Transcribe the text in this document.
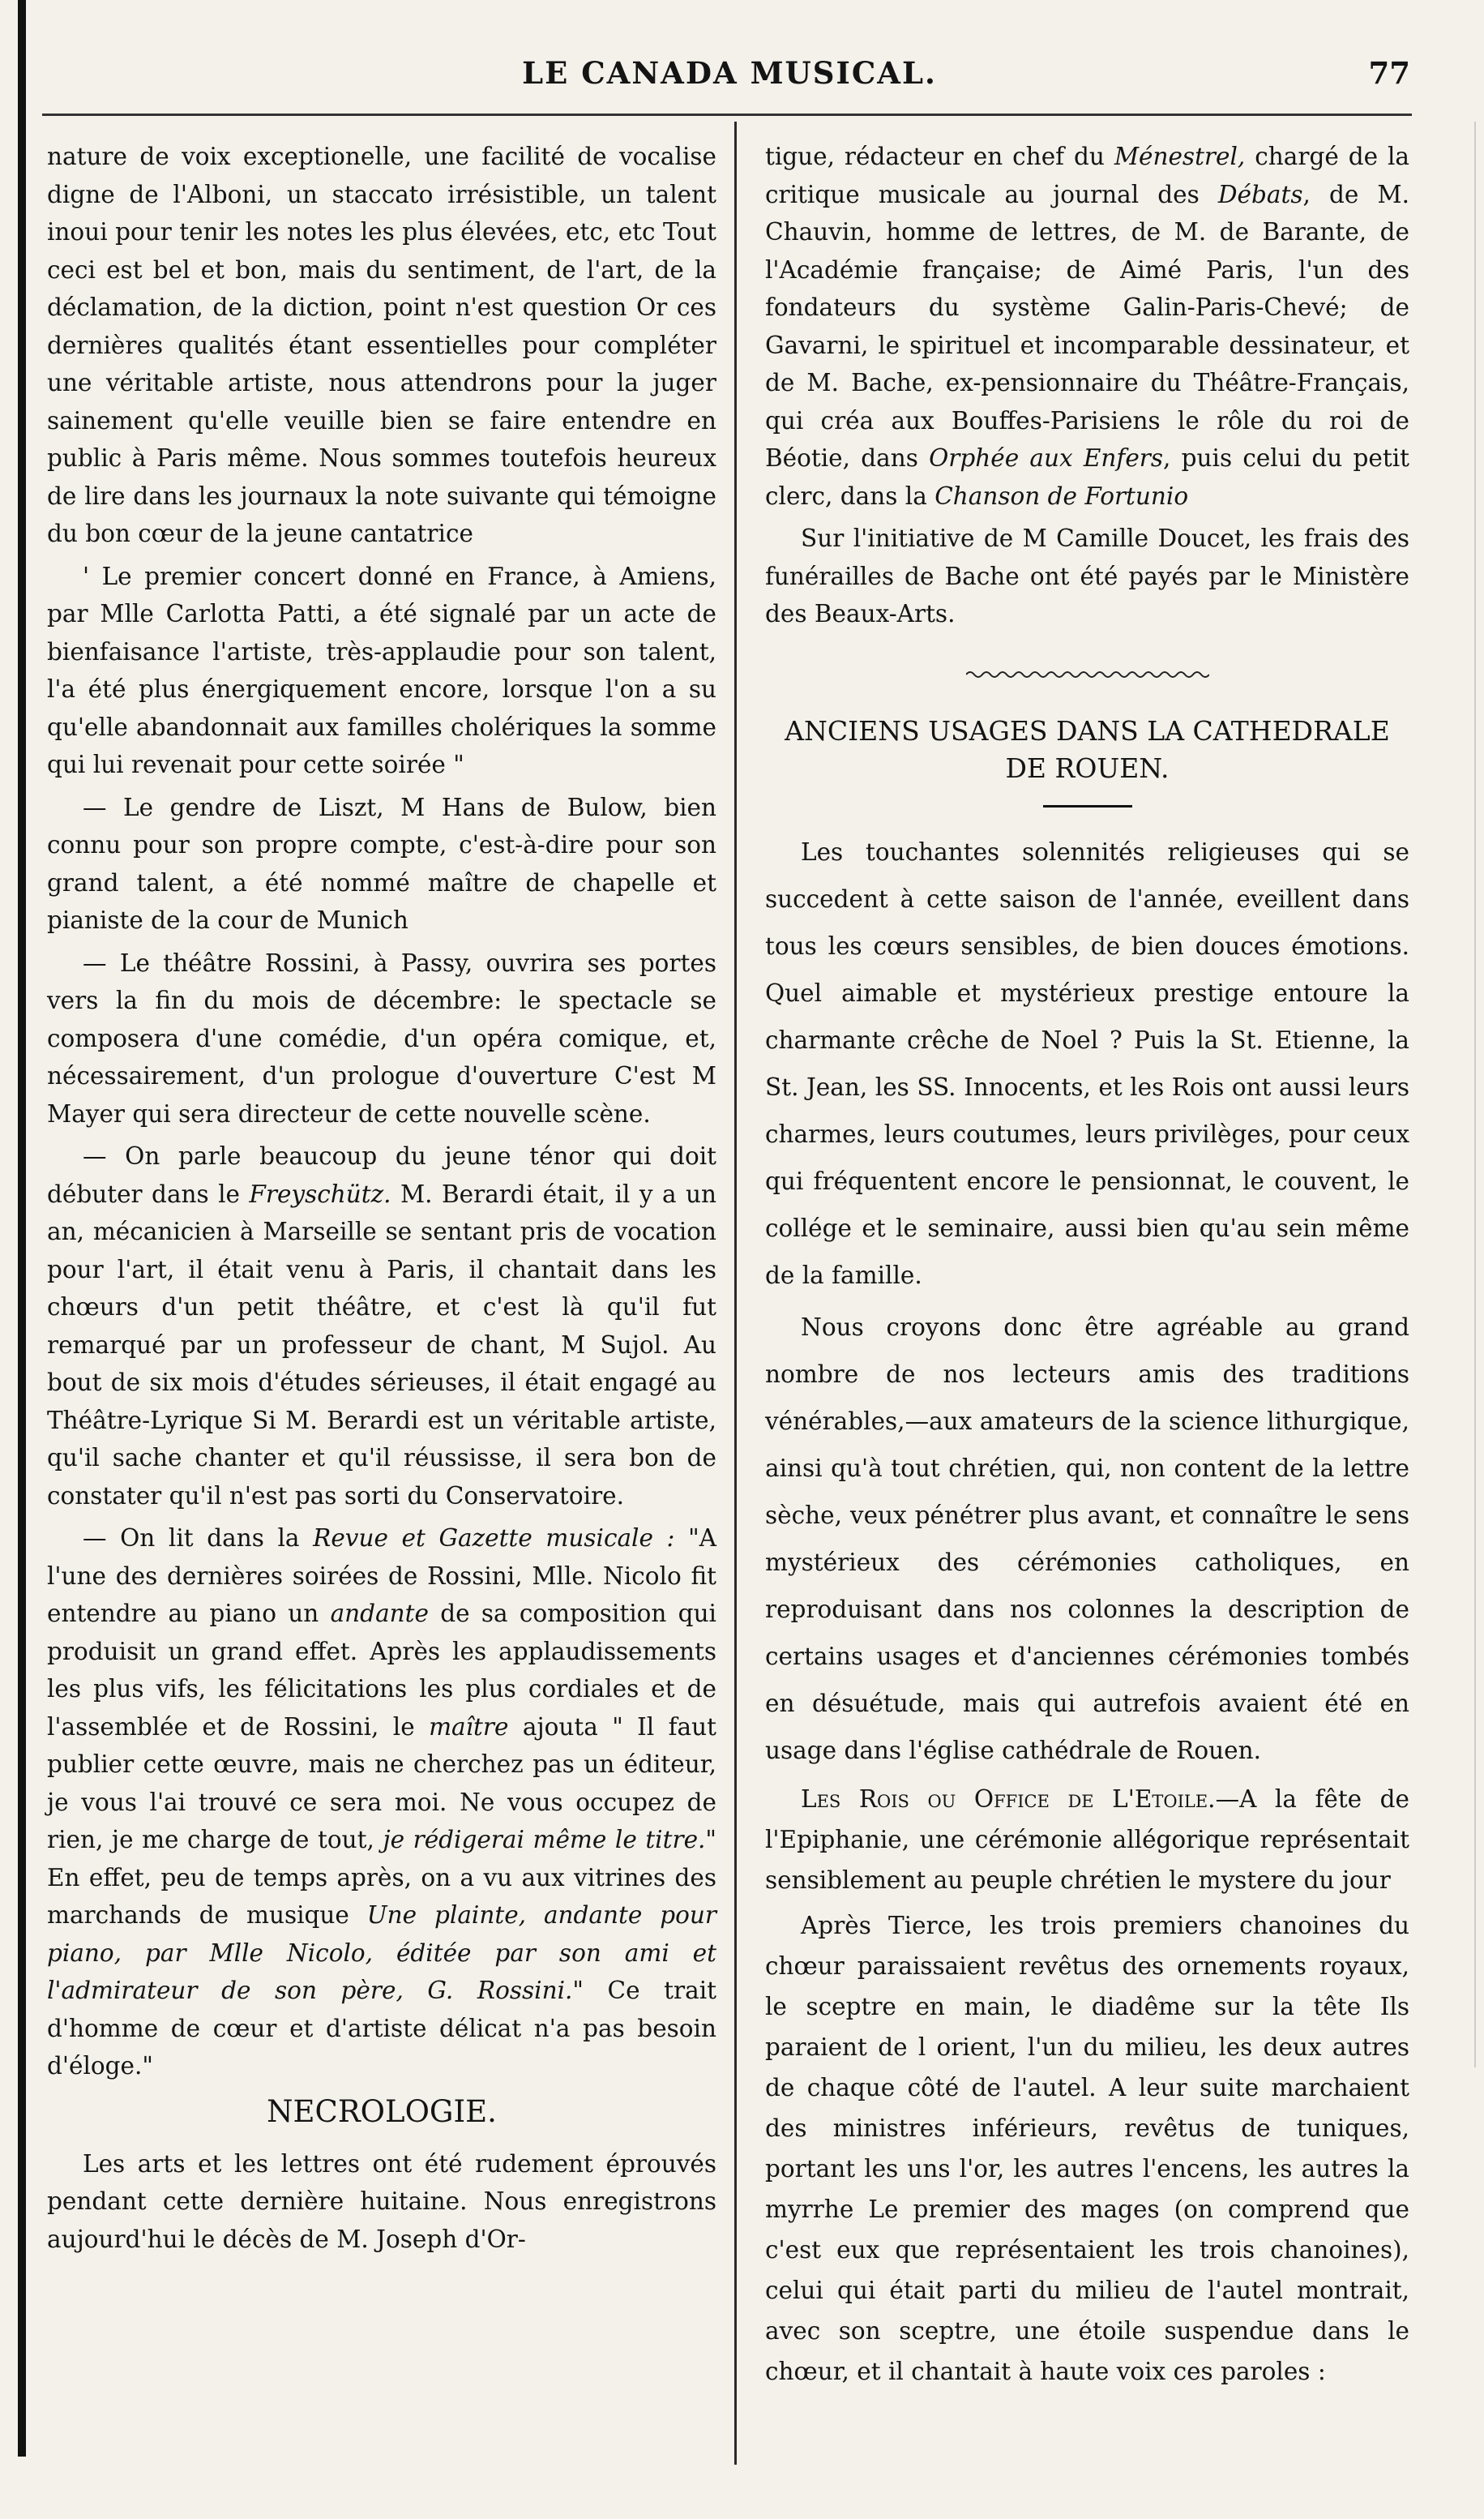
LE CANADA MUSICAL.	77

nature de voix exceptionelle, une facilité de vocalise digne de l'Alboni, un staccato irrésistible, un talent inoui pour tenir les notes les plus élevées, etc, etc Tout ceci est bel et bon, mais du sentiment, de l'art, de la déclamation, de la diction, point n'est question Or ces dernières qualités étant essentielles pour compléter une véritable artiste, nous attendrons pour la juger sainement qu'elle veuille bien se faire entendre en public à Paris même. Nous sommes toutefois heureux de lire dans les journaux la note suivante qui témoigne du bon cœur de la jeune cantatrice

' Le premier concert donné en France, à Amiens, par Mlle Carlotta Patti, a été signalé par un acte de bienfaisance l'artiste, très-applaudie pour son talent, l'a été plus énergiquement encore, lorsque l'on a su qu'elle abandonnait aux familles cholériques la somme qui lui revenait pour cette soirée "

— Le gendre de Liszt, M Hans de Bulow, bien connu pour son propre compte, c'est-à-dire pour son grand talent, a été nommé maître de chapelle et pianiste de la cour de Munich

— Le théâtre Rossini, à Passy, ouvrira ses portes vers la fin du mois de décembre: le spectacle se composera d'une comédie, d'un opéra comique, et, nécessairement, d'un prologue d'ouverture C'est M Mayer qui sera directeur de cette nouvelle scène.

— On parle beaucoup du jeune ténor qui doit débuter dans le Freyschütz. M. Berardi était, il y a un an, mécanicien à Marseille se sentant pris de vocation pour l'art, il était venu à Paris, il chantait dans les chœurs d'un petit théâtre, et c'est là qu'il fut remarqué par un professeur de chant, M Sujol. Au bout de six mois d'études sérieuses, il était engagé au Théâtre-Lyrique Si M. Berardi est un véritable artiste, qu'il sache chanter et qu'il réussisse, il sera bon de constater qu'il n'est pas sorti du Conservatoire.

— On lit dans la Revue et Gazette musicale : "A l'une des dernières soirées de Rossini, Mlle. Nicolo fit entendre au piano un andante de sa composition qui produisit un grand effet. Après les applaudissements les plus vifs, les félicitations les plus cordiales et de l'assemblée et de Rossini, le maître ajouta " Il faut publier cette œuvre, mais ne cherchez pas un éditeur, je vous l'ai trouvé ce sera moi. Ne vous occupez de rien, je me charge de tout, je rédigerai même le titre." En effet, peu de temps après, on a vu aux vitrines des marchands de musique Une plainte, andante pour piano, par Mlle Nicolo, éditée par son ami et l'admirateur de son père, G. Rossini." Ce trait d'homme de cœur et d'artiste délicat n'a pas besoin d'éloge."

NECROLOGIE.

Les arts et les lettres ont été rudement éprouvés pendant cette dernière huitaine. Nous enregistrons aujourd'hui le décès de M. Joseph d'Or-

tigue, rédacteur en chef du Ménestrel, chargé de la critique musicale au journal des Débats, de M. Chauvin, homme de lettres, de M. de Barante, de l'Académie française; de Aimé Paris, l'un des fondateurs du système Galin-Paris-Chevé; de Gavarni, le spirituel et incomparable dessinateur, et de M. Bache, ex-pensionnaire du Théâtre-Français, qui créa aux Bouffes-Parisiens le rôle du roi de Béotie, dans Orphée aux Enfers, puis celui du petit clerc, dans la Chanson de Fortunio

Sur l'initiative de M Camille Doucet, les frais des funérailles de Bache ont été payés par le Ministère des Beaux-Arts.

ANCIENS USAGES DANS LA CATHEDRALE
DE ROUEN.

Les touchantes solennités religieuses qui se succedent à cette saison de l'année, eveillent dans tous les cœurs sensibles, de bien douces émotions. Quel aimable et mystérieux prestige entoure la charmante crêche de Noel ? Puis la St. Etienne, la St. Jean, les SS. Innocents, et les Rois ont aussi leurs charmes, leurs coutumes, leurs privilèges, pour ceux qui fréquentent encore le pensionnat, le couvent, le collége et le seminaire, aussi bien qu'au sein même de la famille.

Nous croyons donc être agréable au grand nombre de nos lecteurs amis des traditions vénérables,—aux amateurs de la science lithurgique, ainsi qu'à tout chrétien, qui, non content de la lettre sèche, veux pénétrer plus avant, et connaître le sens mystérieux des cérémonies catholiques, en reproduisant dans nos colonnes la description de certains usages et d'anciennes cérémonies tombés en désuétude, mais qui autrefois avaient été en usage dans l'église cathédrale de Rouen.

Les Rois ou Office de L'Etoile.—A la fête de l'Epiphanie, une cérémonie allégorique représentait sensiblement au peuple chrétien le mystere du jour

Après Tierce, les trois premiers chanoines du chœur paraissaient revêtus des ornements royaux, le sceptre en main, le diadême sur la tête Ils paraient de l orient, l'un du milieu, les deux autres de chaque côté de l'autel. A leur suite marchaient des ministres inférieurs, revêtus de tuniques, portant les uns l'or, les autres l'encens, les autres la myrrhe Le premier des mages (on comprend que c'est eux que représentaient les trois chanoines), celui qui était parti du milieu de l'autel montrait, avec son sceptre, une étoile suspendue dans le chœur, et il chantait à haute voix ces paroles :
